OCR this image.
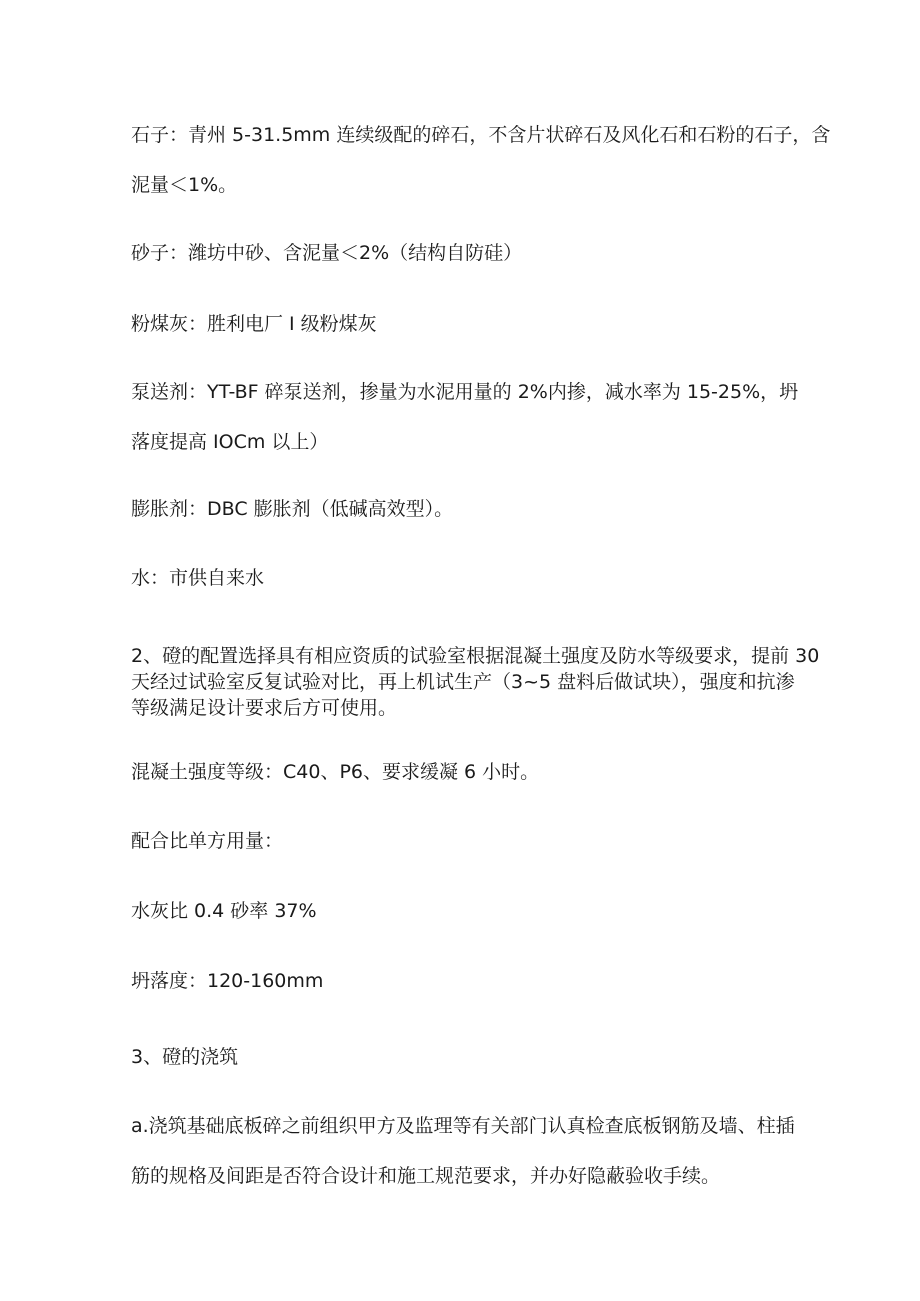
石子：青州 5-31.5mm 连续级配的碎石，不含片状碎石及风化石和石粉的石子，含
泥量＜1%。

砂子：潍坊中砂、含泥量＜2%（结构自防硅）

粉煤灰：胜利电厂 I 级粉煤灰

泵送剂：YT-BF 碎泵送剂，掺量为水泥用量的 2%内掺，减水率为 15-25%，坍
落度提高 IOCm 以上）

膨胀剂：DBC 膨胀剂（低碱高效型）。

水：市供自来水

2、磴的配置选择具有相应资质的试验室根据混凝土强度及防水等级要求，提前 30
天经过试验室反复试验对比，再上机试生产（3~5 盘料后做试块），强度和抗渗
等级满足设计要求后方可使用。

混凝土强度等级：C40、P6、要求缓凝 6 小时。

配合比单方用量：

水灰比 0.4 砂率 37%

坍落度：120-160mm

3、磴的浇筑

a.浇筑基础底板碎之前组织甲方及监理等有关部门认真检查底板钢筋及墙、柱插
筋的规格及间距是否符合设计和施工规范要求，并办好隐蔽验收手续。
